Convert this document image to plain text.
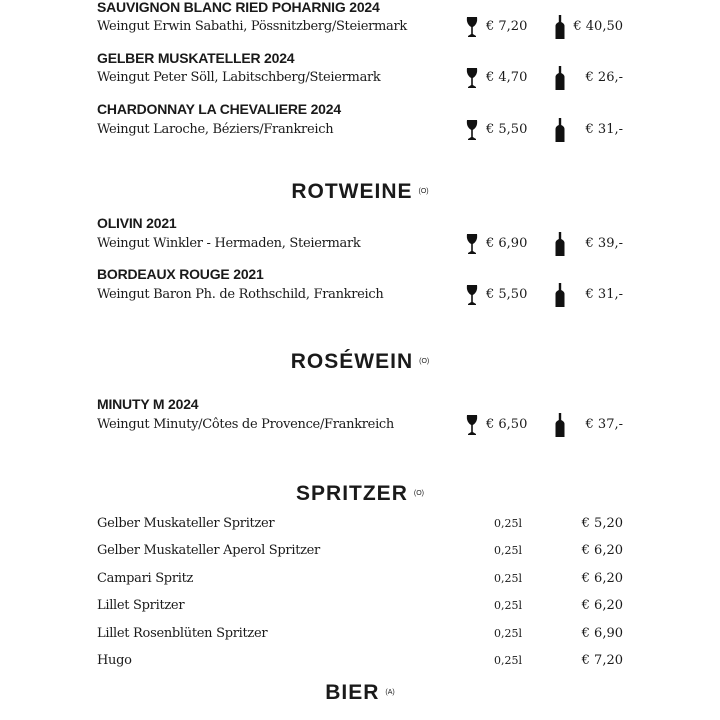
SAUVIGNON BLANC RIED POHARNIG 2024
Weingut Erwin Sabathi, Pössnitzberg/Steiermark	€ 7,20	€ 40,50
GELBER MUSKATELLER 2024
Weingut Peter Söll, Labitschberg/Steiermark	€ 4,70	€ 26,-
CHARDONNAY LA CHEVALIERE 2024
Weingut Laroche, Béziers/Frankreich	€ 5,50	€ 31,-
ROTWEINE (O)
OLIVIN 2021
Weingut Winkler - Hermaden, Steiermark	€ 6,90	€ 39,-
BORDEAUX ROUGE 2021
Weingut Baron Ph. de Rothschild, Frankreich	€ 5,50	€ 31,-
ROSÉWEIN (O)
MINUTY M 2024
Weingut Minuty/Côtes de Provence/Frankreich	€ 6,50	€ 37,-
SPRITZER (O)
Gelber Muskateller Spritzer	0,25l	€ 5,20
Gelber Muskateller Aperol Spritzer	0,25l	€ 6,20
Campari Spritz	0,25l	€ 6,20
Lillet Spritzer	0,25l	€ 6,20
Lillet Rosenblüten Spritzer	0,25l	€ 6,90
Hugo	0,25l	€ 7,20
BIER (A)
